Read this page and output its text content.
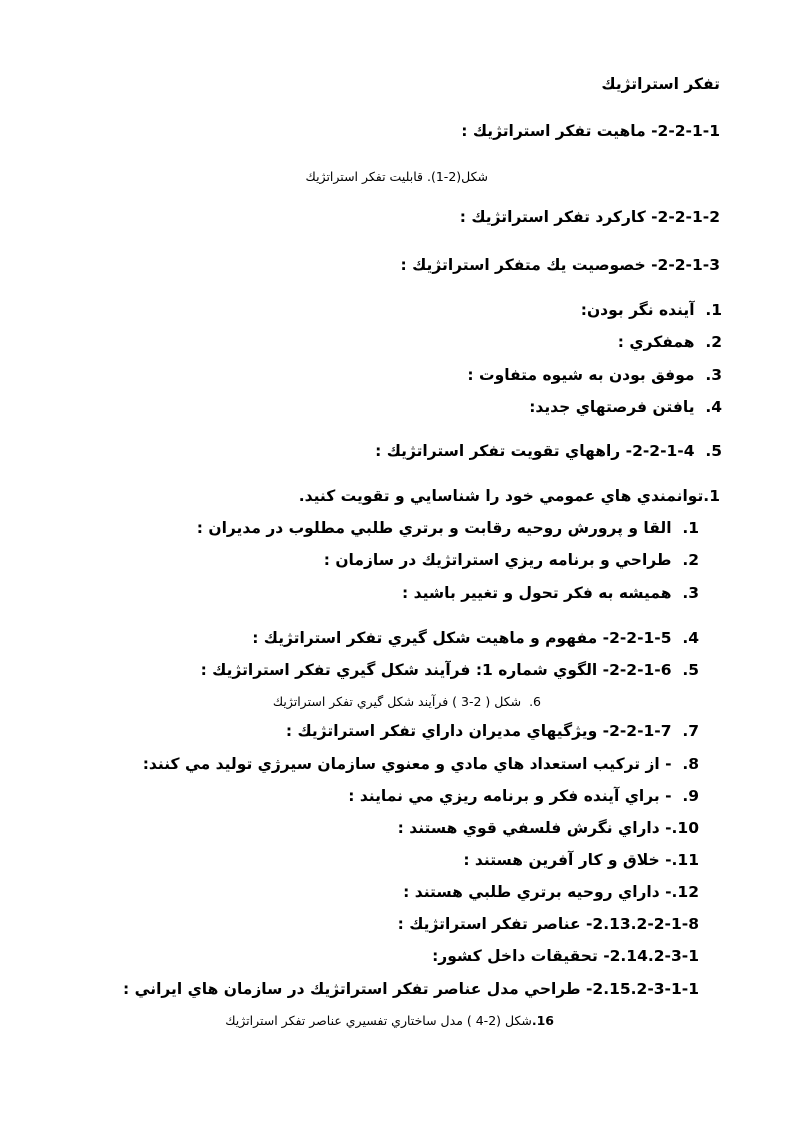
تفكر استراتژيك
2-2-1-1- ماهيت تفكر استراتژيك :
شكل(2-1). قابليت تفكر استراتژيك
2-2-1-2- كاركرد تفكر استراتژيك :
2-2-1-3- خصوصيت يك متفكر استراتژيك :
1.  آينده نگر بودن:
2.  همفكري :
3.  موفق بودن به شيوه متفاوت :
4.  يافتن فرصتهاي جديد:
5.  2-2-1-4- راههاي تقويت تفكر استراتژيك :
1.توانمندي هاي عمومي خود را شناسايي و تقويت كنيد.
1.  القا و پرورش روحيه رقابت و برتري طلبي مطلوب در مديران :
2.  طراحي و برنامه ريزي استراتژيك در سازمان :
3.  هميشه به فكر تحول و تغيير باشيد :
4.  2-2-1-5- مفهوم و ماهيت شكل گيري تفكر استراتژيك :
5.  2-2-1-6- الگوي شماره 1: فرآيند شكل گيري تفكر استراتژيك :
6.  شكل ( 2-3 ) فرآيند شكل گيري تفكر استراتژيك
7.  2-2-1-7- ويژگيهاي مديران داراي تفكر استراتژيك :
8.  - از تركيب استعداد هاي مادي و معنوي سازمان سيرژي توليد مي كنند:
9.  - براي آينده فكر و برنامه ريزي مي نمايند :
10.- داراي نگرش فلسفي قوي هستند :
11.- خلاق و كار آفرين هستند :
12.- داراي روحيه برتري طلبي هستند :
2.13.2-2-1-8- عناصر تفكر استراتژيك :
2.14.2-3-1- تحقيقات داخل كشور:
2.15.2-3-1-1- طراحي مدل عناصر تفكر استراتژيك در سازمان هاي ايراني :
16.شكل (2-4 ) مدل ساختاري تفسيري عناصر تفكر استراتژيك
